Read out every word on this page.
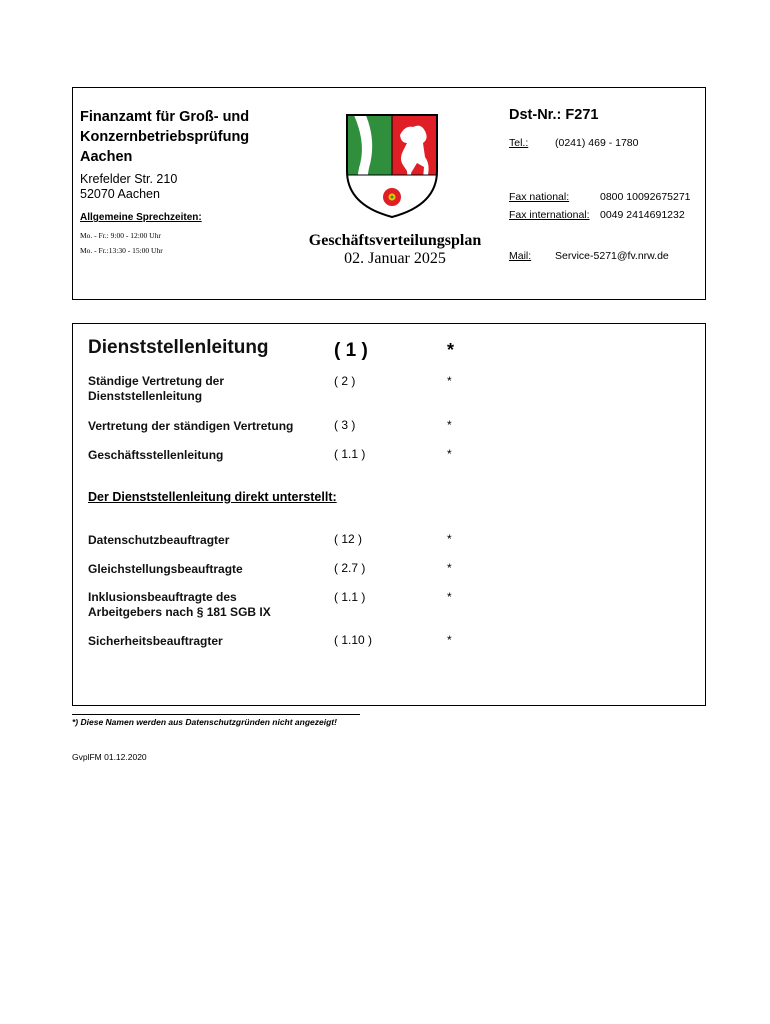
Finanzamt für Groß- und
Konzernbetriebsprüfung
Aachen
Krefelder Str. 210
52070 Aachen
Allgemeine Sprechzeiten:
Mo. - Fr.: 9:00 - 12:00 Uhr
Mo. - Fr.:13:30 - 15:00 Uhr
Geschäftsverteilungsplan
02. Januar 2025
Dst-Nr.: F271
Tel.:	(0241) 469 - 1780
Fax national:	0800 10092675271
Fax international: 0049 2414691232
Mail: Service-5271@fv.nrw.de
Dienststellenleitung	( 1 )	*
Ständige Vertretung der
Dienststellenleitung
( 2 )	*
Vertretung der ständigen Vertretung	( 3 )	*
Geschäftsstellenleitung	( 1.1 )	*
Der Dienststellenleitung direkt unterstellt:
Datenschutzbeauftragter	( 12 )	*
Gleichstellungsbeauftragte	( 2.7 )	*
Inklusionsbeauftragte des
Arbeitgebers nach § 181 SGB IX
( 1.1 )	*
Sicherheitsbeauftragter	( 1.10 )	*
*) Diese Namen werden aus Datenschutzgründen nicht angezeigt!
GvplFM 01.12.2020
